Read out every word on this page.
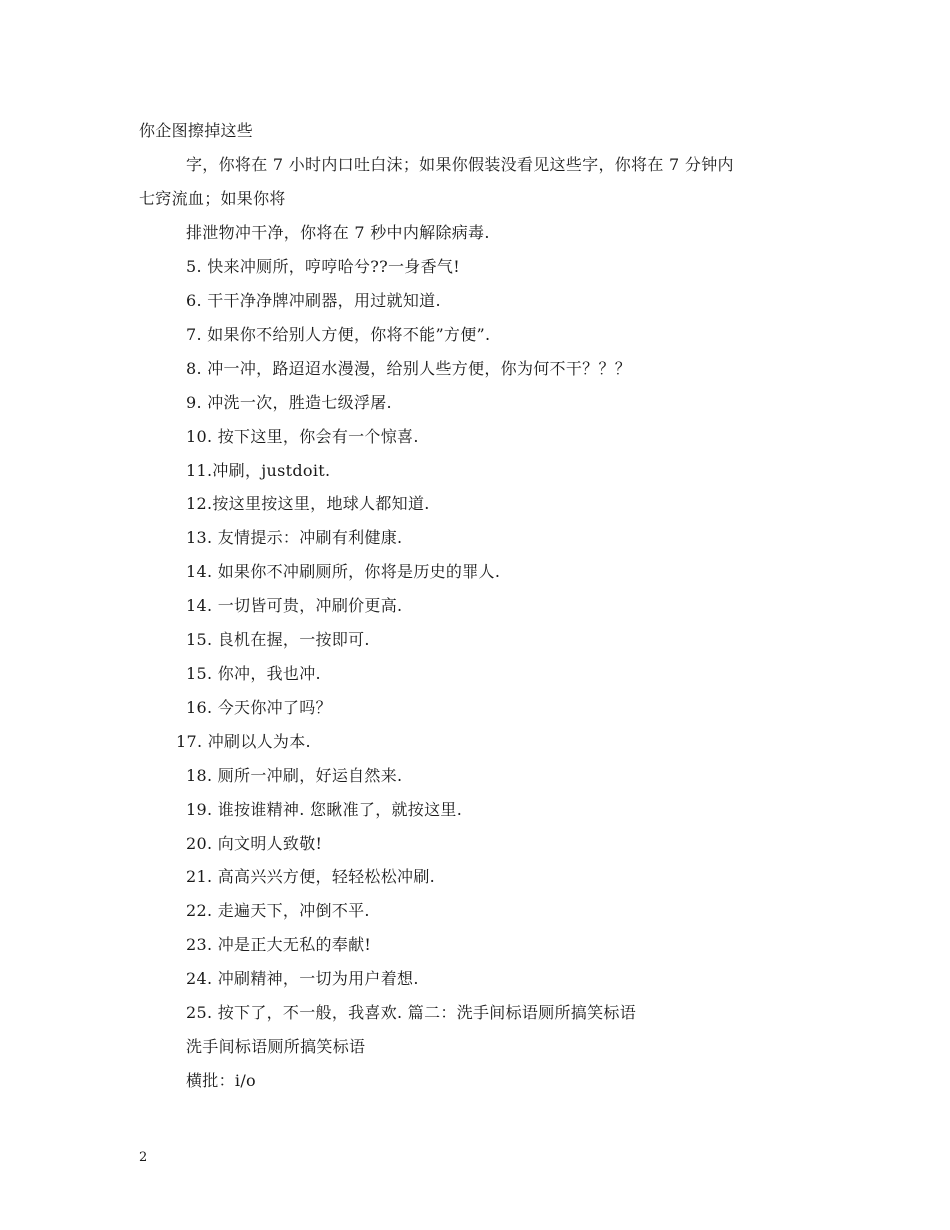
你企图擦掉这些
字，你将在 7 小时内口吐白沫；如果你假装没看见这些字，你将在 7 分钟内
七窍流血；如果你将
排泄物冲干净，你将在 7 秒中内解除病毒.
5. 快来冲厕所，哼哼哈兮??一身香气!
6. 干干净净牌冲刷器，用过就知道.
7. 如果你不给别人方便，你将不能”方便”.
8. 冲一冲，路迢迢水漫漫，给别人些方便，你为何不干？？？
9. 冲洗一次，胜造七级浮屠.
10. 按下这里，你会有一个惊喜.
11.冲刷，justdoit.
12.按这里按这里，地球人都知道.
13. 友情提示：冲刷有利健康.
14. 如果你不冲刷厕所，你将是历史的罪人.
14. 一切皆可贵，冲刷价更高.
15. 良机在握，一按即可.
15. 你冲，我也冲.
16. 今天你冲了吗？
17. 冲刷以人为本.
18. 厕所一冲刷，好运自然来.
19. 谁按谁精神. 您瞅准了，就按这里.
20. 向文明人致敬!
21. 高高兴兴方便，轻轻松松冲刷.
22. 走遍天下，冲倒不平.
23. 冲是正大无私的奉献!
24. 冲刷精神，一切为用户着想.
25. 按下了，不一般，我喜欢. 篇二：洗手间标语厕所搞笑标语
洗手间标语厕所搞笑标语
横批：i/o
2
